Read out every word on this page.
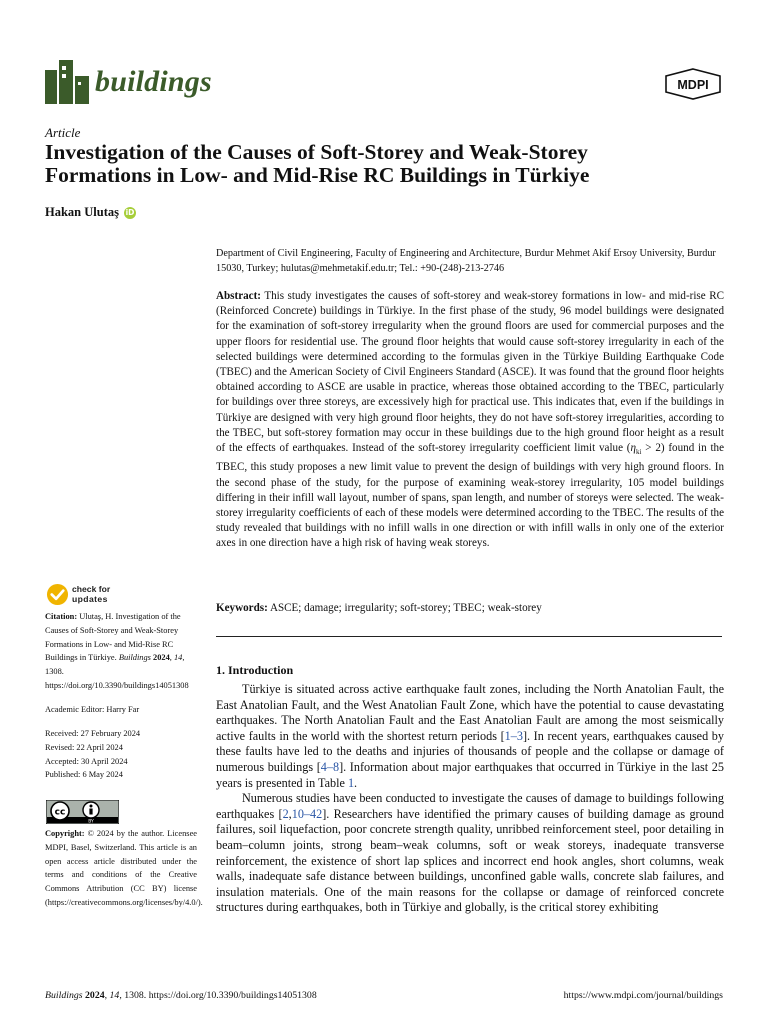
buildings	MDPI
Article
Investigation of the Causes of Soft-Storey and Weak-Storey
Formations in Low- and Mid-Rise RC Buildings in Türkiye
Hakan Ulutaş iD
Department of Civil Engineering, Faculty of Engineering and Architecture, Burdur Mehmet Akif Ersoy University, Burdur 15030, Turkey; hulutas@mehmetakif.edu.tr; Tel.: +90-(248)-213-2746

Abstract: This study investigates the causes of soft-storey and weak-storey formations in low- and mid-rise RC (Reinforced Concrete) buildings in Türkiye. In the first phase of the study, 96 model buildings were designated for the examination of soft-storey irregularity when the ground floors are used for commercial purposes and the upper floors for residential use. The ground floor heights that would cause soft-storey irregularity in each of the selected buildings were determined according to the formulas given in the Türkiye Building Earthquake Code (TBEC) and the American Society of Civil Engineers Standard (ASCE). It was found that the ground floor heights obtained according to ASCE are usable in practice, whereas those obtained according to the TBEC, particularly for buildings over three storeys, are excessively high for practical use. This indicates that, even if the buildings in Türkiye are designed with very high ground floor heights, they do not have soft-storey irregularities, according to the TBEC, but soft-storey formation may occur in these buildings due to the high ground floor height as a result of the effects of earthquakes. Instead of the soft-storey irregularity coefficient limit value $(\eta_{ki} > 2)$ found in the TBEC, this study proposes a new limit value to prevent the design of buildings with very high ground floors. In the second phase of the study, for the purpose of examining weak-storey irregularity, 105 model buildings differing in their infill wall layout, number of spans, span length, and number of storeys were selected. The weak-storey irregularity coefficients of each of these models were determined according to the TBEC. The results of the study revealed that buildings with no infill walls in one direction or with infill walls in only one of the exterior axes in one direction have a high risk of having weak storeys.

Keywords: ASCE; damage; irregularity; soft-storey; TBEC; weak-storey
check for
updates
Citation: Ulutaş, H. Investigation of the Causes of Soft-Storey and Weak-Storey Formations in Low- and Mid-Rise RC Buildings in Türkiye. Buildings 2024, 14, 1308. https://doi.org/10.3390/buildings14051308
Academic Editor: Harry Far
Received: 27 February 2024
Revised: 22 April 2024
Accepted: 30 April 2024
Published: 6 May 2024
cc
BY
Copyright: © 2024 by the author. Licensee MDPI, Basel, Switzerland. This article is an open access article distributed under the terms and conditions of the Creative Commons Attribution (CC BY) license (https://creativecommons.org/licenses/by/4.0/).
1. Introduction

Türkiye is situated across active earthquake fault zones, including the North Anatolian Fault, the East Anatolian Fault, and the West Anatolian Fault Zone, which have the potential to cause devastating earthquakes. The North Anatolian Fault and the East Anatolian Fault are among the most seismically active faults in the world with the shortest return periods [1–3]. In recent years, earthquakes caused by these faults have led to the deaths and injuries of thousands of people and the collapse or damage of numerous buildings [4–8]. Information about major earthquakes that occurred in Türkiye in the last 25 years is presented in Table 1.

Numerous studies have been conducted to investigate the causes of damage to buildings following earthquakes [2,10–42]. Researchers have identified the primary causes of building damage as ground failures, soil liquefaction, poor concrete strength quality, unribbed reinforcement steel, poor detailing in beam–column joints, strong beam–weak columns, soft or weak storeys, inadequate transverse reinforcement, the existence of short lap splices and incorrect end hook angles, short columns, weak walls, inadequate safe distance between buildings, unconfined gable walls, concrete slab failures, and insulation materials. One of the main reasons for the collapse or damage of reinforced concrete structures during earthquakes, both in Türkiye and globally, is the critical storey exhibiting

Buildings 2024, 14, 1308. https://doi.org/10.3390/buildings14051308	https://www.mdpi.com/journal/buildings
